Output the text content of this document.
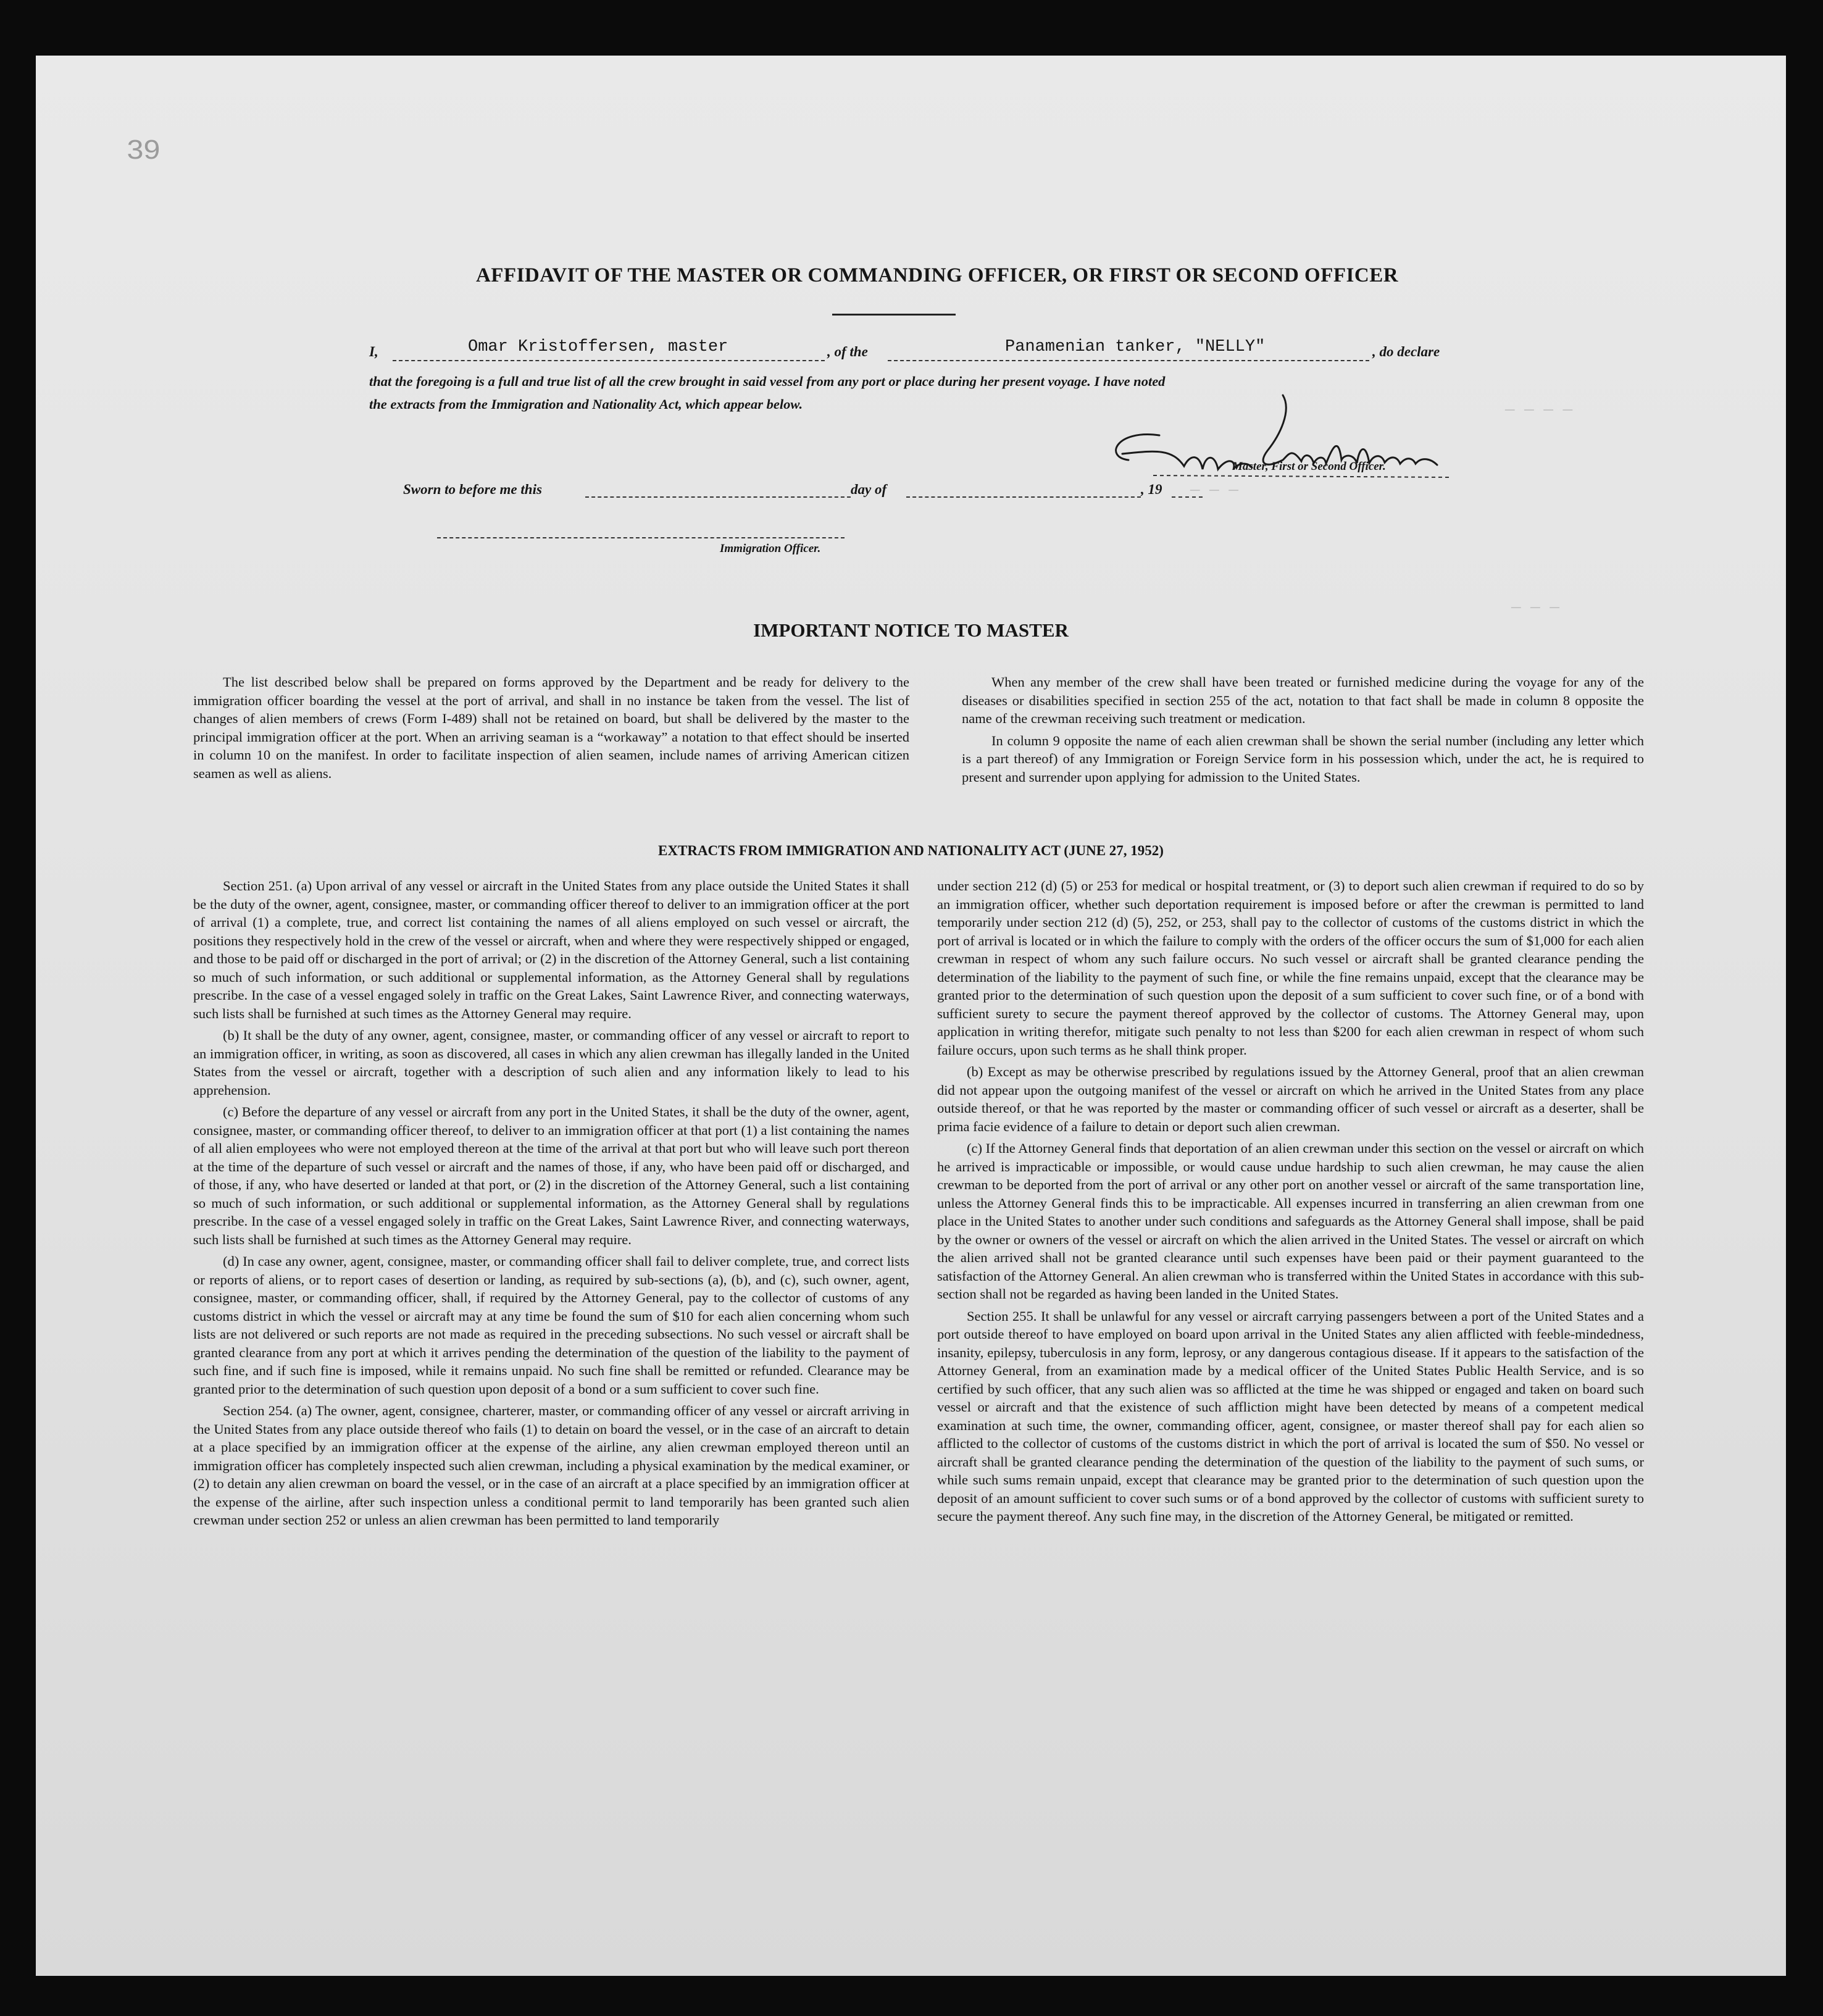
─ ─ ─ ─
─ ─ ─
─ ─ ─
39
AFFIDAVIT OF THE MASTER OR COMMANDING OFFICER, OR FIRST OR SECOND OFFICER
I,	Omar Kristoffersen, master	, of the	Panamenian tanker, "NELLY"	, do declare
that the foregoing is a full and true list of all the crew brought in said vessel from any port or place during her present voyage. I have noted
the extracts from the Immigration and Nationality Act, which appear below.
Master, First or Second Officer.
Sworn to before me this	day of	, 19
Immigration Officer.
IMPORTANT NOTICE TO MASTER

The list described below shall be prepared on forms approved by the Department and be ready for delivery to the immigration officer boarding the vessel at the port of arrival, and shall in no instance be taken from the vessel. The list of changes of alien members of crews (Form I-489) shall not be retained on board, but shall be delivered by the master to the principal immigration officer at the port. When an arriving seaman is a “workaway” a notation to that effect should be inserted in column 10 on the manifest. In order to facilitate inspection of alien seamen, include names of arriving American citizen seamen as well as aliens.

When any member of the crew shall have been treated or furnished medicine during the voyage for any of the diseases or disabilities specified in section 255 of the act, notation to that fact shall be made in column 8 opposite the name of the crewman receiving such treatment or medication.

In column 9 opposite the name of each alien crewman shall be shown the serial number (including any letter which is a part thereof) of any Immigration or Foreign Service form in his possession which, under the act, he is required to present and surrender upon applying for admission to the United States.

EXTRACTS FROM IMMIGRATION AND NATIONALITY ACT (JUNE 27, 1952)

Section 251. (a) Upon arrival of any vessel or aircraft in the United States from any place outside the United States it shall be the duty of the owner, agent, consignee, master, or commanding officer thereof to deliver to an immigration officer at the port of arrival (1) a complete, true, and correct list containing the names of all aliens employed on such vessel or aircraft, the positions they respectively hold in the crew of the vessel or aircraft, when and where they were respectively shipped or engaged, and those to be paid off or discharged in the port of arrival; or (2) in the discretion of the Attorney General, such a list containing so much of such information, or such additional or supplemental information, as the Attorney General shall by regulations prescribe. In the case of a vessel engaged solely in traffic on the Great Lakes, Saint Lawrence River, and connecting waterways, such lists shall be furnished at such times as the Attorney General may require.

(b) It shall be the duty of any owner, agent, consignee, master, or commanding officer of any vessel or aircraft to report to an immigration officer, in writing, as soon as discovered, all cases in which any alien crewman has illegally landed in the United States from the vessel or aircraft, together with a description of such alien and any information likely to lead to his apprehension.

(c) Before the departure of any vessel or aircraft from any port in the United States, it shall be the duty of the owner, agent, consignee, master, or commanding officer thereof, to deliver to an immigration officer at that port (1) a list containing the names of all alien employees who were not employed thereon at the time of the arrival at that port but who will leave such port thereon at the time of the departure of such vessel or aircraft and the names of those, if any, who have been paid off or discharged, and of those, if any, who have deserted or landed at that port, or (2) in the discretion of the Attorney General, such a list containing so much of such information, or such additional or supplemental information, as the Attorney General shall by regulations prescribe. In the case of a vessel engaged solely in traffic on the Great Lakes, Saint Lawrence River, and connecting waterways, such lists shall be furnished at such times as the Attorney General may require.

(d) In case any owner, agent, consignee, master, or commanding officer shall fail to deliver complete, true, and correct lists or reports of aliens, or to report cases of desertion or landing, as required by sub-sections (a), (b), and (c), such owner, agent, consignee, master, or commanding officer, shall, if required by the Attorney General, pay to the collector of customs of any customs district in which the vessel or aircraft may at any time be found the sum of $10 for each alien concerning whom such lists are not delivered or such reports are not made as required in the preceding subsections. No such vessel or aircraft shall be granted clearance from any port at which it arrives pending the determination of the question of the liability to the payment of such fine, and if such fine is imposed, while it remains unpaid. No such fine shall be remitted or refunded. Clearance may be granted prior to the determination of such question upon deposit of a bond or a sum sufficient to cover such fine.

Section 254. (a) The owner, agent, consignee, charterer, master, or commanding officer of any vessel or aircraft arriving in the United States from any place outside thereof who fails (1) to detain on board the vessel, or in the case of an aircraft to detain at a place specified by an immigration officer at the expense of the airline, any alien crewman employed thereon until an immigration officer has completely inspected such alien crewman, including a physical examination by the medical examiner, or (2) to detain any alien crewman on board the vessel, or in the case of an aircraft at a place specified by an immigration officer at the expense of the airline, after such inspection unless a conditional permit to land temporarily has been granted such alien crewman under section 252 or unless an alien crewman has been permitted to land temporarily

under section 212 (d) (5) or 253 for medical or hospital treatment, or (3) to deport such alien crewman if required to do so by an immigration officer, whether such deportation requirement is imposed before or after the crewman is permitted to land temporarily under section 212 (d) (5), 252, or 253, shall pay to the collector of customs of the customs district in which the port of arrival is located or in which the failure to comply with the orders of the officer occurs the sum of $1,000 for each alien crewman in respect of whom any such failure occurs. No such vessel or aircraft shall be granted clearance pending the determination of the liability to the payment of such fine, or while the fine remains unpaid, except that the clearance may be granted prior to the determination of such question upon the deposit of a sum sufficient to cover such fine, or of a bond with sufficient surety to secure the payment thereof approved by the collector of customs. The Attorney General may, upon application in writing therefor, mitigate such penalty to not less than $200 for each alien crewman in respect of whom such failure occurs, upon such terms as he shall think proper.

(b) Except as may be otherwise prescribed by regulations issued by the Attorney General, proof that an alien crewman did not appear upon the outgoing manifest of the vessel or aircraft on which he arrived in the United States from any place outside thereof, or that he was reported by the master or commanding officer of such vessel or aircraft as a deserter, shall be prima facie evidence of a failure to detain or deport such alien crewman.

(c) If the Attorney General finds that deportation of an alien crewman under this section on the vessel or aircraft on which he arrived is impracticable or impossible, or would cause undue hardship to such alien crewman, he may cause the alien crewman to be deported from the port of arrival or any other port on another vessel or aircraft of the same transportation line, unless the Attorney General finds this to be impracticable. All expenses incurred in transferring an alien crewman from one place in the United States to another under such conditions and safeguards as the Attorney General shall impose, shall be paid by the owner or owners of the vessel or aircraft on which the alien arrived in the United States. The vessel or aircraft on which the alien arrived shall not be granted clearance until such expenses have been paid or their payment guaranteed to the satisfaction of the Attorney General. An alien crewman who is transferred within the United States in accordance with this sub-section shall not be regarded as having been landed in the United States.

Section 255. It shall be unlawful for any vessel or aircraft carrying passengers between a port of the United States and a port outside thereof to have employed on board upon arrival in the United States any alien afflicted with feeble-mindedness, insanity, epilepsy, tuberculosis in any form, leprosy, or any dangerous contagious disease. If it appears to the satisfaction of the Attorney General, from an examination made by a medical officer of the United States Public Health Service, and is so certified by such officer, that any such alien was so afflicted at the time he was shipped or engaged and taken on board such vessel or aircraft and that the existence of such affliction might have been detected by means of a competent medical examination at such time, the owner, commanding officer, agent, consignee, or master thereof shall pay for each alien so afflicted to the collector of customs of the customs district in which the port of arrival is located the sum of $50. No vessel or aircraft shall be granted clearance pending the determination of the question of the liability to the payment of such sums, or while such sums remain unpaid, except that clearance may be granted prior to the determination of such question upon the deposit of an amount sufficient to cover such sums or of a bond approved by the collector of customs with sufficient surety to secure the payment thereof. Any such fine may, in the discretion of the Attorney General, be mitigated or remitted.
